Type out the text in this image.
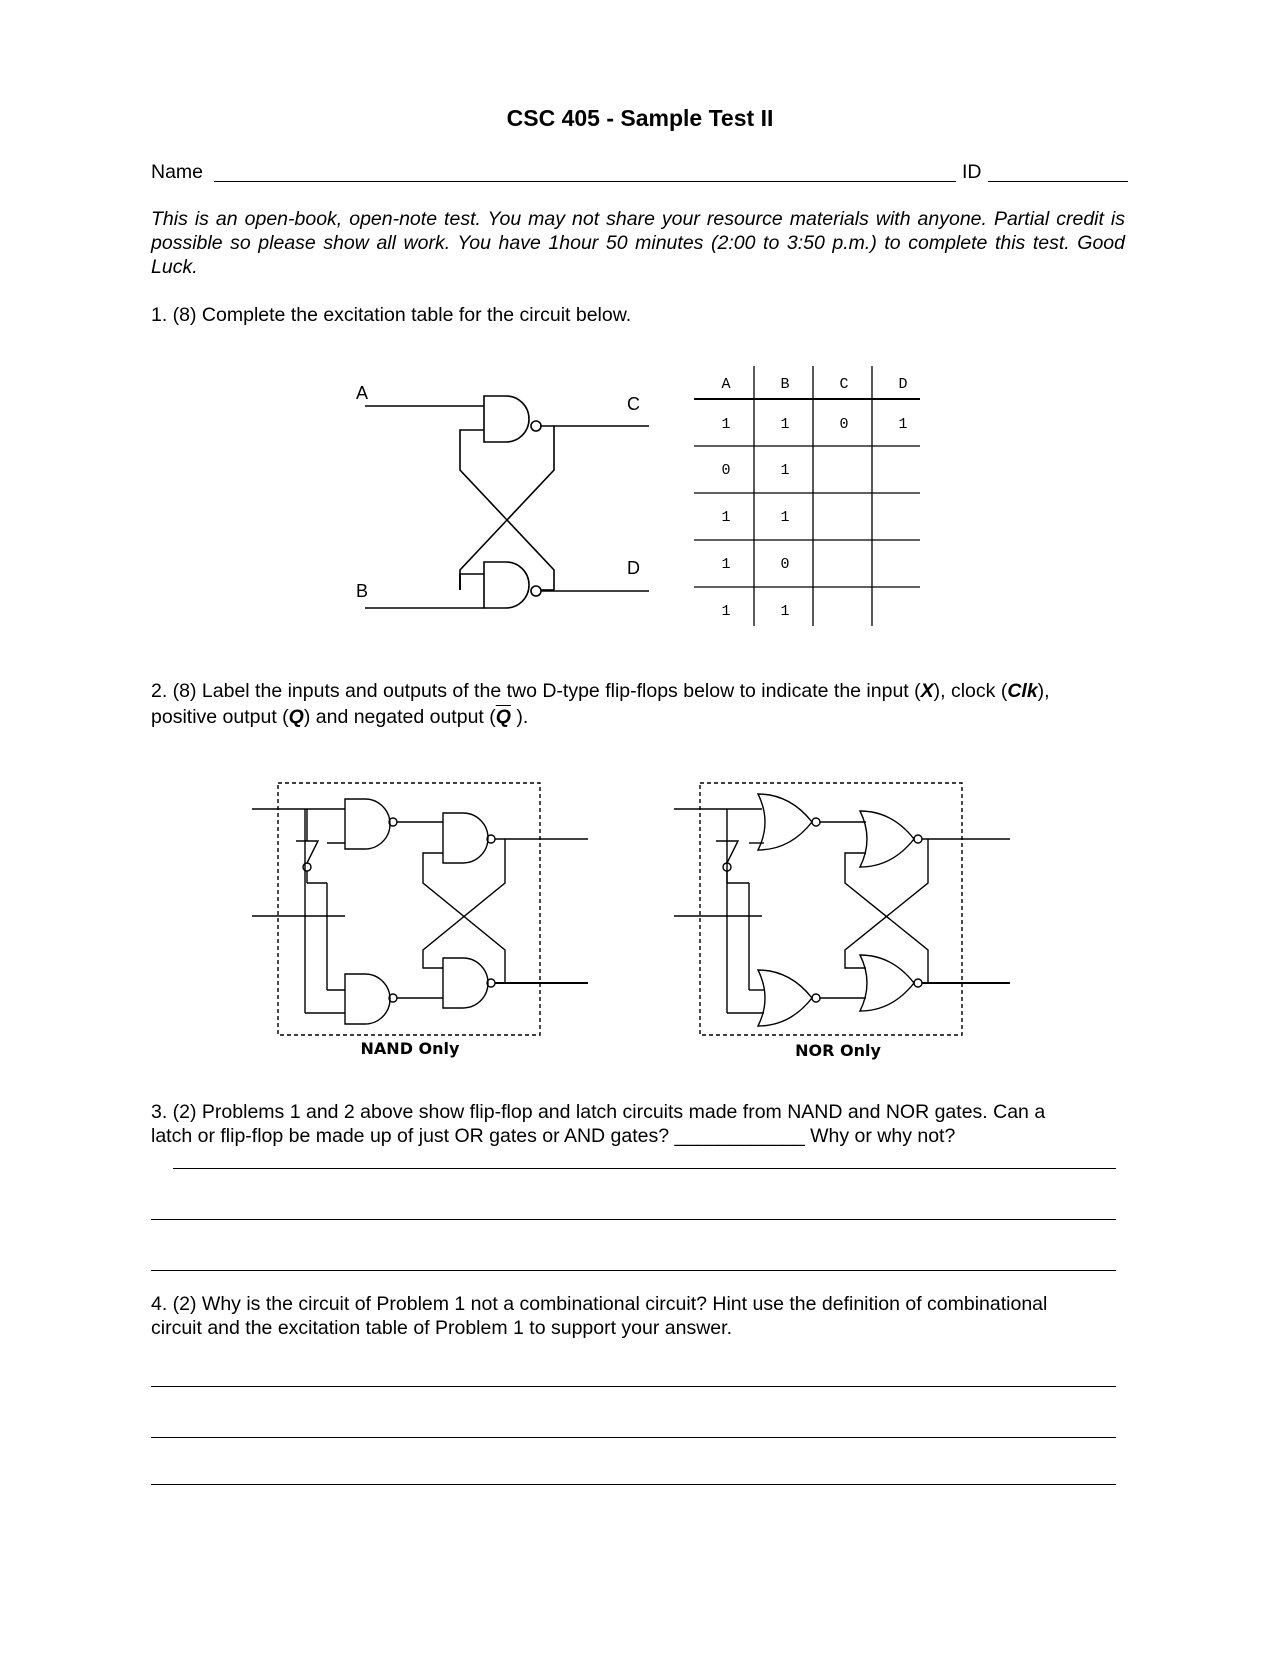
CSC 405 - Sample Test II
Name	ID
This is an open-book, open-note test. You may not share your resource materials with anyone. Partial credit is possible so please show all work. You have 1hour 50 minutes (2:00 to 3:50 p.m.) to complete this test. Good Luck.
1. (8) Complete the excitation table for the circuit below.
A
C
D
B
A	B	C	D
1	1	0	1
0	1
1	1
1	0
1	1
NAND Only	NOR Only
2. (8) Label the inputs and outputs of the two D-type flip-flops below to indicate the input (X), clock (Clk),
positive output (Q) and negated output ($\overline{Q}$ ).
3. (2) Problems 1 and 2 above show flip-flop and latch circuits made from NAND and NOR gates. Can a
latch or flip-flop be made up of just OR gates or AND gates? ____________ Why or why not?
4. (2) Why is the circuit of Problem 1 not a combinational circuit? Hint use the definition of combinational
circuit and the excitation table of Problem 1 to support your answer.
